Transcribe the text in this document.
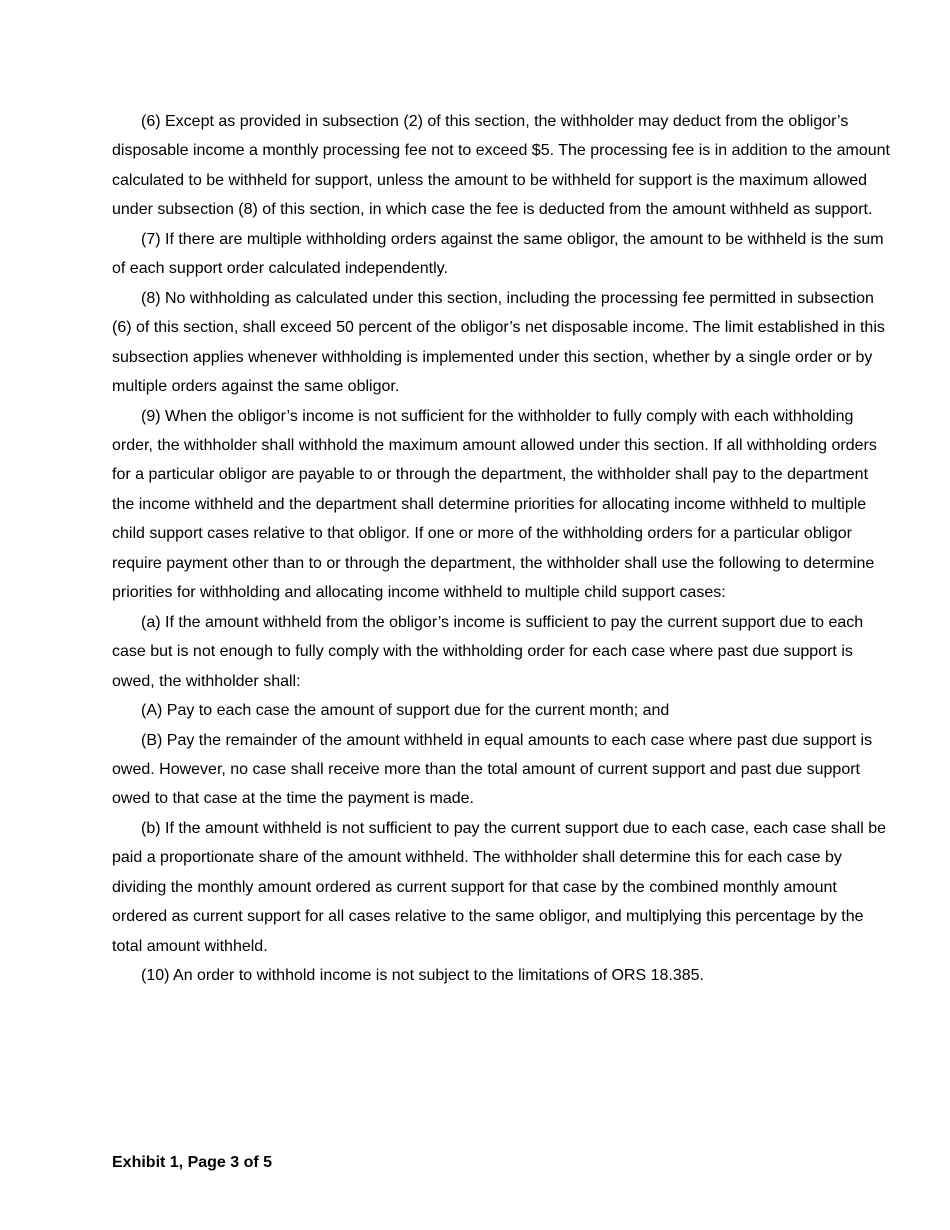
(6) Except as provided in subsection (2) of this section, the withholder may deduct from the obligor’s disposable income a monthly processing fee not to exceed $5. The processing fee is in addition to the amount calculated to be withheld for support, unless the amount to be withheld for support is the maximum allowed under subsection (8) of this section, in which case the fee is deducted from the amount withheld as support.

(7) If there are multiple withholding orders against the same obligor, the amount to be withheld is the sum of each support order calculated independently.

(8) No withholding as calculated under this section, including the processing fee permitted in subsection (6) of this section, shall exceed 50 percent of the obligor’s net disposable income. The limit established in this subsection applies whenever withholding is implemented under this section, whether by a single order or by multiple orders against the same obligor.

(9) When the obligor’s income is not sufficient for the withholder to fully comply with each withholding order, the withholder shall withhold the maximum amount allowed under this section. If all withholding orders for a particular obligor are payable to or through the department, the withholder shall pay to the department the income withheld and the department shall determine priorities for allocating income withheld to multiple child support cases relative to that obligor. If one or more of the withholding orders for a particular obligor require payment other than to or through the department, the withholder shall use the following to determine priorities for withholding and allocating income withheld to multiple child support cases:

(a) If the amount withheld from the obligor’s income is sufficient to pay the current support due to each case but is not enough to fully comply with the withholding order for each case where past due support is owed, the withholder shall:

(A) Pay to each case the amount of support due for the current month; and

(B) Pay the remainder of the amount withheld in equal amounts to each case where past due support is owed. However, no case shall receive more than the total amount of current support and past due support owed to that case at the time the payment is made.

(b) If the amount withheld is not sufficient to pay the current support due to each case, each case shall be paid a proportionate share of the amount withheld. The withholder shall determine this for each case by dividing the monthly amount ordered as current support for that case by the combined monthly amount ordered as current support for all cases relative to the same obligor, and multiplying this percentage by the total amount withheld.

(10) An order to withhold income is not subject to the limitations of ORS 18.385.

Exhibit 1, Page 3 of 5
